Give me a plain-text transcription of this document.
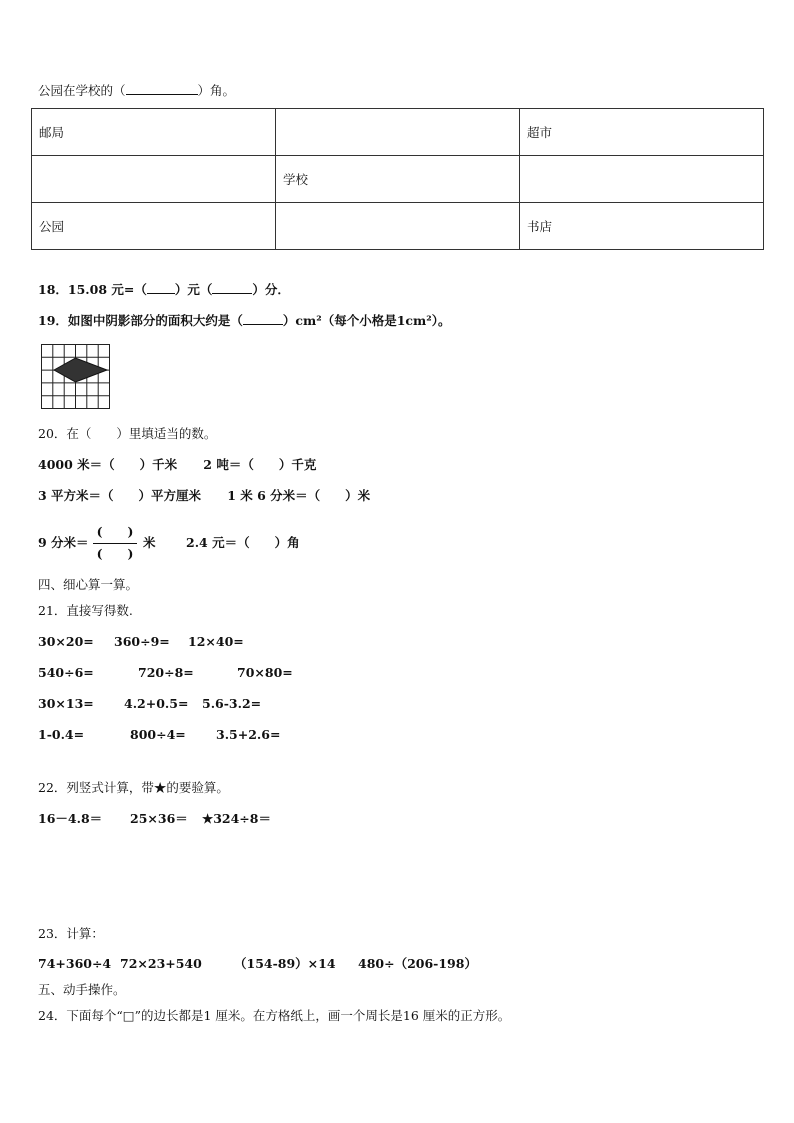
公园在学校的（	）角。
邮局		超市
	学校	
公园		书店
18．15.08 元=（ ）元（	）分．
19．如图中阴影部分的面积大约是（	）cm²（每个小格是1cm²）。
20．在（　　）里填适当的数。
4000 米＝（　　）千米 2 吨＝（　　）千克
3 平方米＝（　　）平方厘米 1 米 6 分米＝（　　）米
9 分米＝
(　　)
(　　)
米 2.4 元＝（　　）角
四、细心算一算。
21．直接写得数.
30×20= 360÷9= 12×40=
540÷6=	720÷8=	70×80=
30×13= 4.2+0.5= 5.6-3.2=
1-0.4=	800÷4= 3.5+2.6=
22．列竖式计算，带★的要验算。
16－4.8＝ 25×36＝ ★324÷8＝
23．计算：
74+360÷4 72×23+540	（154-89）×14 480÷（206-198）
五、动手操作。
24．下面每个“□”的边长都是1 厘米。在方格纸上，画一个周长是16 厘米的正方形。
